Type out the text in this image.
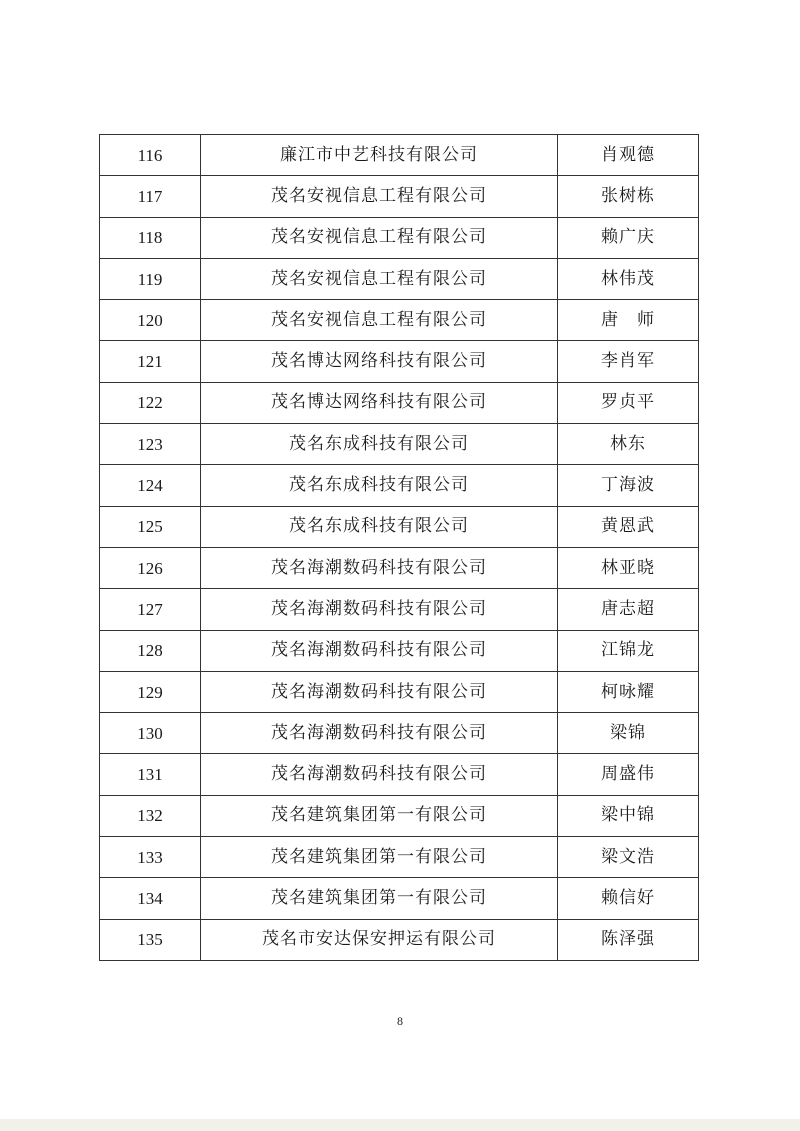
116	廉江市中艺科技有限公司	肖观德
117	茂名安视信息工程有限公司	张树栋
118	茂名安视信息工程有限公司	赖广庆
119	茂名安视信息工程有限公司	林伟茂
120	茂名安视信息工程有限公司	唐　师
121	茂名博达网络科技有限公司	李肖军
122	茂名博达网络科技有限公司	罗贞平
123	茂名东成科技有限公司	林东
124	茂名东成科技有限公司	丁海波
125	茂名东成科技有限公司	黄恩武
126	茂名海潮数码科技有限公司	林亚晓
127	茂名海潮数码科技有限公司	唐志超
128	茂名海潮数码科技有限公司	江锦龙
129	茂名海潮数码科技有限公司	柯咏耀
130	茂名海潮数码科技有限公司	梁锦
131	茂名海潮数码科技有限公司	周盛伟
132	茂名建筑集团第一有限公司	梁中锦
133	茂名建筑集团第一有限公司	梁文浩
134	茂名建筑集团第一有限公司	赖信好
135	茂名市安达保安押运有限公司	陈泽强
8
